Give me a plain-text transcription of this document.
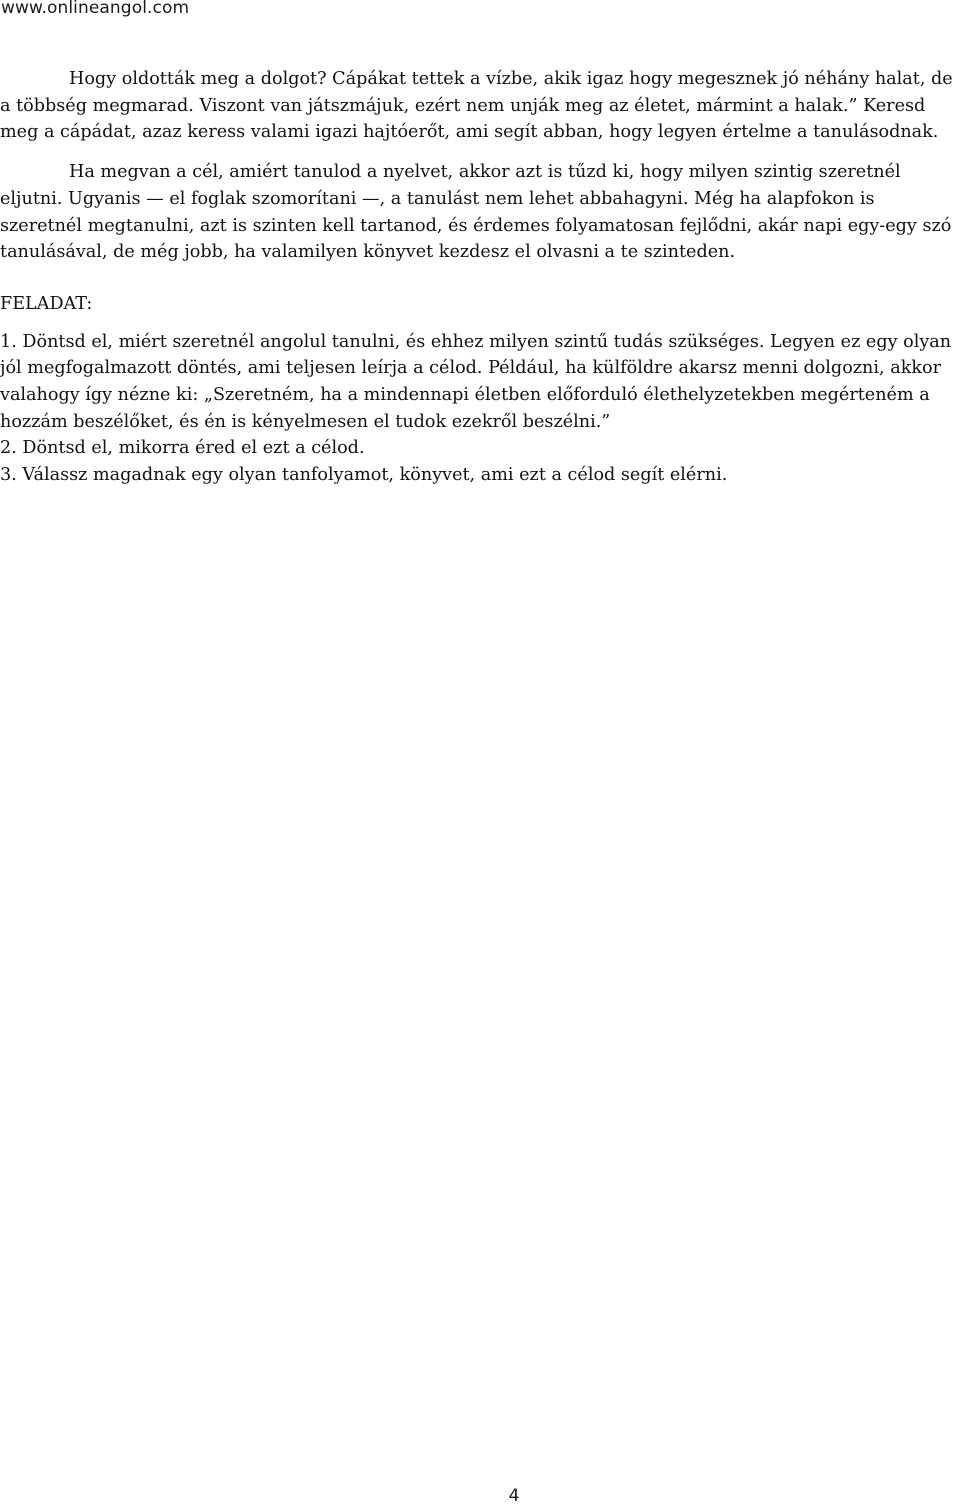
www.onlineangol.com

Hogy oldották meg a dolgot? Cápákat tettek a vízbe, akik igaz hogy megesznek jó néhány halat, de a többség megmarad. Viszont van játszmájuk, ezért nem unják meg az életet, mármint a halak.” Keresd meg a cápádat, azaz keress valami igazi hajtóerőt, ami segít abban, hogy legyen értelme a tanulásodnak.

Ha megvan a cél, amiért tanulod a nyelvet, akkor azt is tűzd ki, hogy milyen szintig szeretnél eljutni. Ugyanis — el foglak szomorítani —, a tanulást nem lehet abbahagyni. Még ha alapfokon is szeretnél megtanulni, azt is szinten kell tartanod, és érdemes folyamatosan fejlődni, akár napi egy-egy szó tanulásával, de még jobb, ha valamilyen könyvet kezdesz el olvasni a te szinteden.

FELADAT:

1. Döntsd el, miért szeretnél angolul tanulni, és ehhez milyen szintű tudás szükséges. Legyen ez egy olyan jól megfogalmazott döntés, ami teljesen leírja a célod. Például, ha külföldre akarsz menni dolgozni, akkor valahogy így nézne ki: „Szeretném, ha a mindennapi életben előforduló élethelyzetekben megérteném a hozzám beszélőket, és én is kényelmesen el tudok ezekről beszélni.”

2. Döntsd el, mikorra éred el ezt a célod.

3. Válassz magadnak egy olyan tanfolyamot, könyvet, ami ezt a célod segít elérni.

4
